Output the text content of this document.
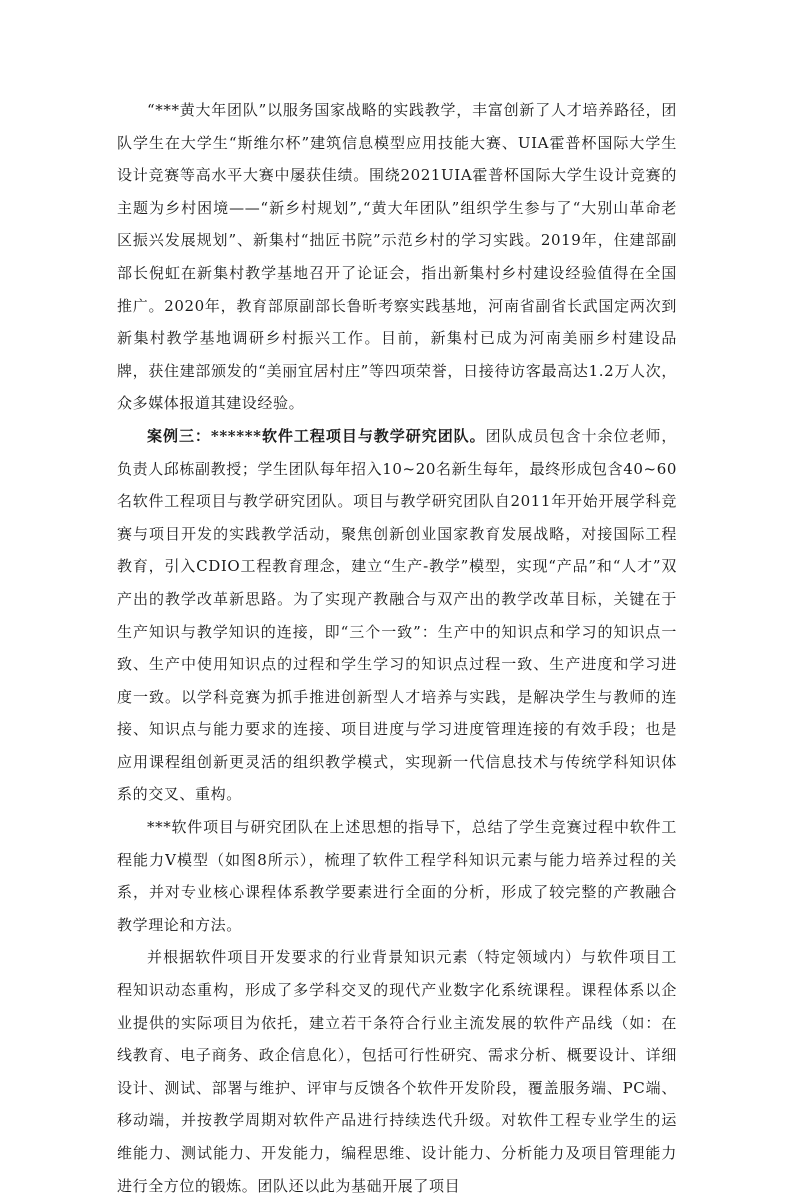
“***黄大年团队”以服务国家战略的实践教学，丰富创新了人才培养路径，团队学生在大学生“斯维尔杯”建筑信息模型应用技能大赛、UIA霍普杯国际大学生设计竞赛等高水平大赛中屡获佳绩。围绕2021UIA霍普杯国际大学生设计竞赛的主题为乡村困境——“新乡村规划”,“黄大年团队”组织学生参与了“大别山革命老区振兴发展规划”、新集村“拙匠书院”示范乡村的学习实践。2019年，住建部副部长倪虹在新集村教学基地召开了论证会，指出新集村乡村建设经验值得在全国推广。2020年，教育部原副部长鲁昕考察实践基地，河南省副省长武国定两次到新集村教学基地调研乡村振兴工作。目前，新集村已成为河南美丽乡村建设品牌，获住建部颁发的“美丽宜居村庄”等四项荣誉，日接待访客最高达1.2万人次，众多媒体报道其建设经验。

案例三：******软件工程项目与教学研究团队。团队成员包含十余位老师，负责人邱栋副教授；学生团队每年招入10~20名新生每年，最终形成包含40~60名软件工程项目与教学研究团队。项目与教学研究团队自2011年开始开展学科竞赛与项目开发的实践教学活动，聚焦创新创业国家教育发展战略，对接国际工程教育，引入CDIO工程教育理念，建立“生产-教学”模型，实现“产品”和“人才”双产出的教学改革新思路。为了实现产教融合与双产出的教学改革目标，关键在于生产知识与教学知识的连接，即“三个一致”：生产中的知识点和学习的知识点一致、生产中使用知识点的过程和学生学习的知识点过程一致、生产进度和学习进度一致。以学科竞赛为抓手推进创新型人才培养与实践，是解决学生与教师的连接、知识点与能力要求的连接、项目进度与学习进度管理连接的有效手段；也是应用课程组创新更灵活的组织教学模式，实现新一代信息技术与传统学科知识体系的交叉、重构。

***软件项目与研究团队在上述思想的指导下，总结了学生竞赛过程中软件工程能力V模型（如图8所示），梳理了软件工程学科知识元素与能力培养过程的关系，并对专业核心课程体系教学要素进行全面的分析，形成了较完整的产教融合教学理论和方法。

并根据软件项目开发要求的行业背景知识元素（特定领域内）与软件项目工程知识动态重构，形成了多学科交叉的现代产业数字化系统课程。课程体系以企业提供的实际项目为依托，建立若干条符合行业主流发展的软件产品线（如：在线教育、电子商务、政企信息化），包括可行性研究、需求分析、概要设计、详细设计、测试、部署与维护、评审与反馈各个软件开发阶段，覆盖服务端、PC端、移动端，并按教学周期对软件产品进行持续迭代升级。对软件工程专业学生的运维能力、测试能力、开发能力，编程思维、设计能力、分析能力及项目管理能力进行全方位的锻炼。团队还以此为基础开展了项目
